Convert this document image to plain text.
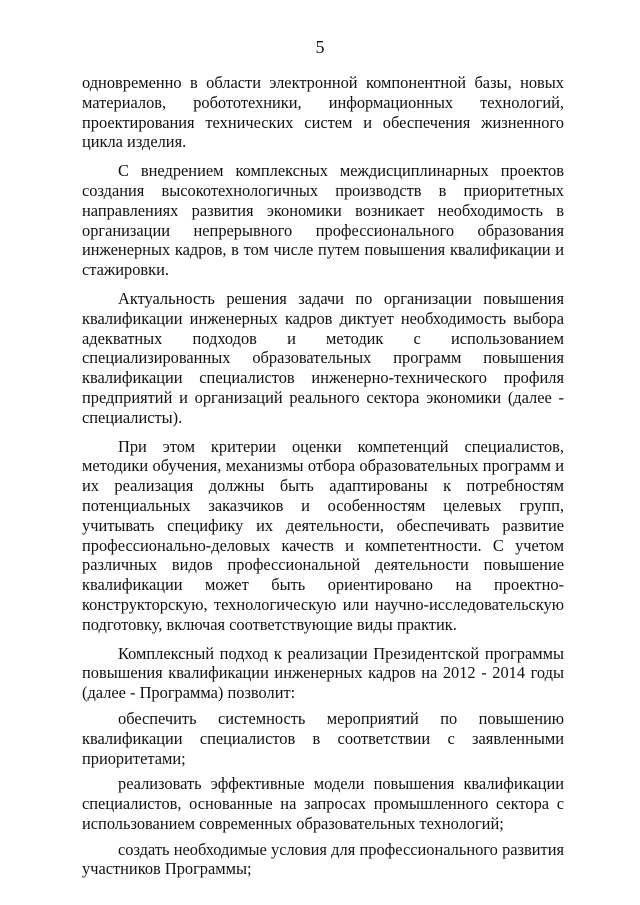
5

одновременно в области электронной компонентной базы, новых материалов, робототехники, информационных технологий, проектирования технических систем и обеспечения жизненного цикла изделия.

С внедрением комплексных междисциплинарных проектов создания высокотехнологичных производств в приоритетных направлениях развития экономики возникает необходимость в организации непрерывного профессионального образования инженерных кадров, в том числе путем повышения квалификации и стажировки.

Актуальность решения задачи по организации повышения квалификации инженерных кадров диктует необходимость выбора адекватных подходов и методик с использованием специализированных образовательных программ повышения квалификации специалистов инженерно-технического профиля предприятий и организаций реального сектора экономики (далее - специалисты).

При этом критерии оценки компетенций специалистов, методики обучения, механизмы отбора образовательных программ и их реализация должны быть адаптированы к потребностям потенциальных заказчиков и особенностям целевых групп, учитывать специфику их деятельности, обеспечивать развитие профессионально-деловых качеств и компетентности. С учетом различных видов профессиональной деятельности повышение квалификации может быть ориентировано на проектно-конструкторскую, технологическую или научно-исследовательскую подготовку, включая соответствующие виды практик.

Комплексный подход к реализации Президентской программы повышения квалификации инженерных кадров на 2012 - 2014 годы (далее - Программа) позволит:

обеспечить системность мероприятий по повышению квалификации специалистов в соответствии с заявленными приоритетами;

реализовать эффективные модели повышения квалификации специалистов, основанные на запросах промышленного сектора с использованием современных образовательных технологий;

создать необходимые условия для профессионального развития участников Программы;
